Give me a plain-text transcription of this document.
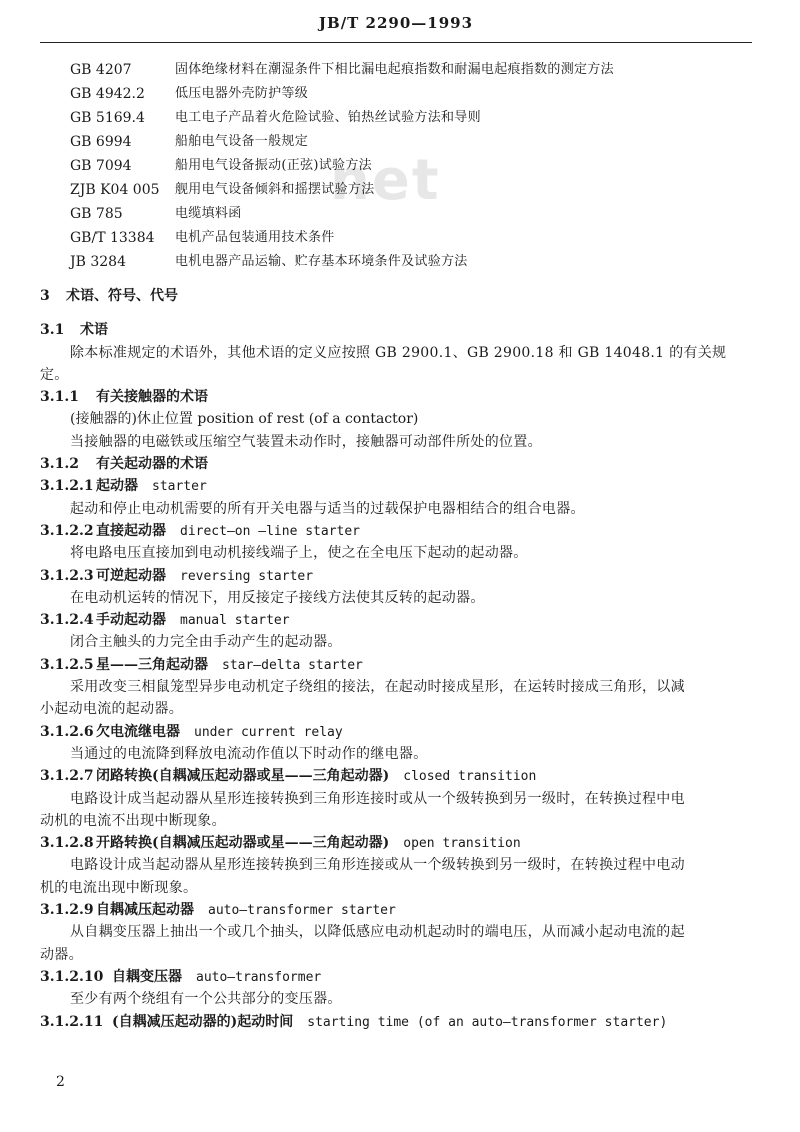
JB/T 2290—1993
net
GB 4207	固体绝缘材料在潮湿条件下相比漏电起痕指数和耐漏电起痕指数的测定方法
GB 4942.2	低压电器外壳防护等级
GB 5169.4	电工电子产品着火危险试验、铂热丝试验方法和导则
GB 6994	船舶电气设备一般规定
GB 7094	船用电气设备振动(正弦)试验方法
ZJB K04 005	舰用电气设备倾斜和摇摆试验方法
GB 785	电缆填料函
GB/T 13384	电机产品包装通用技术条件
JB 3284	电机电器产品运输、贮存基本环境条件及试验方法
3 术语、符号、代号
3.1 术语
除本标准规定的术语外，其他术语的定义应按照 GB 2900.1、GB 2900.18 和 GB 14048.1 的有关规
定。
3.1.1 有关接触器的术语
(接触器的)休止位置 position of rest (of a contactor)
当接触器的电磁铁或压缩空气装置未动作时，接触器可动部件所处的位置。
3.1.2 有关起动器的术语
3.1.2.1 起动器 starter
起动和停止电动机需要的所有开关电器与适当的过载保护电器相结合的组合电器。
3.1.2.2 直接起动器 direct—on —line starter
将电路电压直接加到电动机接线端子上，使之在全电压下起动的起动器。
3.1.2.3 可逆起动器 reversing starter
在电动机运转的情况下，用反接定子接线方法使其反转的起动器。
3.1.2.4 手动起动器 manual starter
闭合主触头的力完全由手动产生的起动器。
3.1.2.5 星——三角起动器 star—delta starter
采用改变三相鼠笼型异步电动机定子绕组的接法，在起动时接成星形，在运转时接成三角形，以减
小起动电流的起动器。
3.1.2.6 欠电流继电器 under current relay
当通过的电流降到释放电流动作值以下时动作的继电器。
3.1.2.7 闭路转换(自耦减压起动器或星——三角起动器) closed transition
电路设计成当起动器从星形连接转换到三角形连接时或从一个级转换到另一级时，在转换过程中电
动机的电流不出现中断现象。
3.1.2.8 开路转换(自耦减压起动器或星——三角起动器) open transition
电路设计成当起动器从星形连接转换到三角形连接或从一个级转换到另一级时，在转换过程中电动
机的电流出现中断现象。
3.1.2.9 自耦减压起动器 auto—transformer starter
从自耦变压器上抽出一个或几个抽头，以降低感应电动机起动时的端电压，从而减小起动电流的起
动器。
3.1.2.10 自耦变压器 auto—transformer
至少有两个绕组有一个公共部分的变压器。
3.1.2.11 (自耦减压起动器的)起动时间 starting time (of an auto—transformer starter)
2
